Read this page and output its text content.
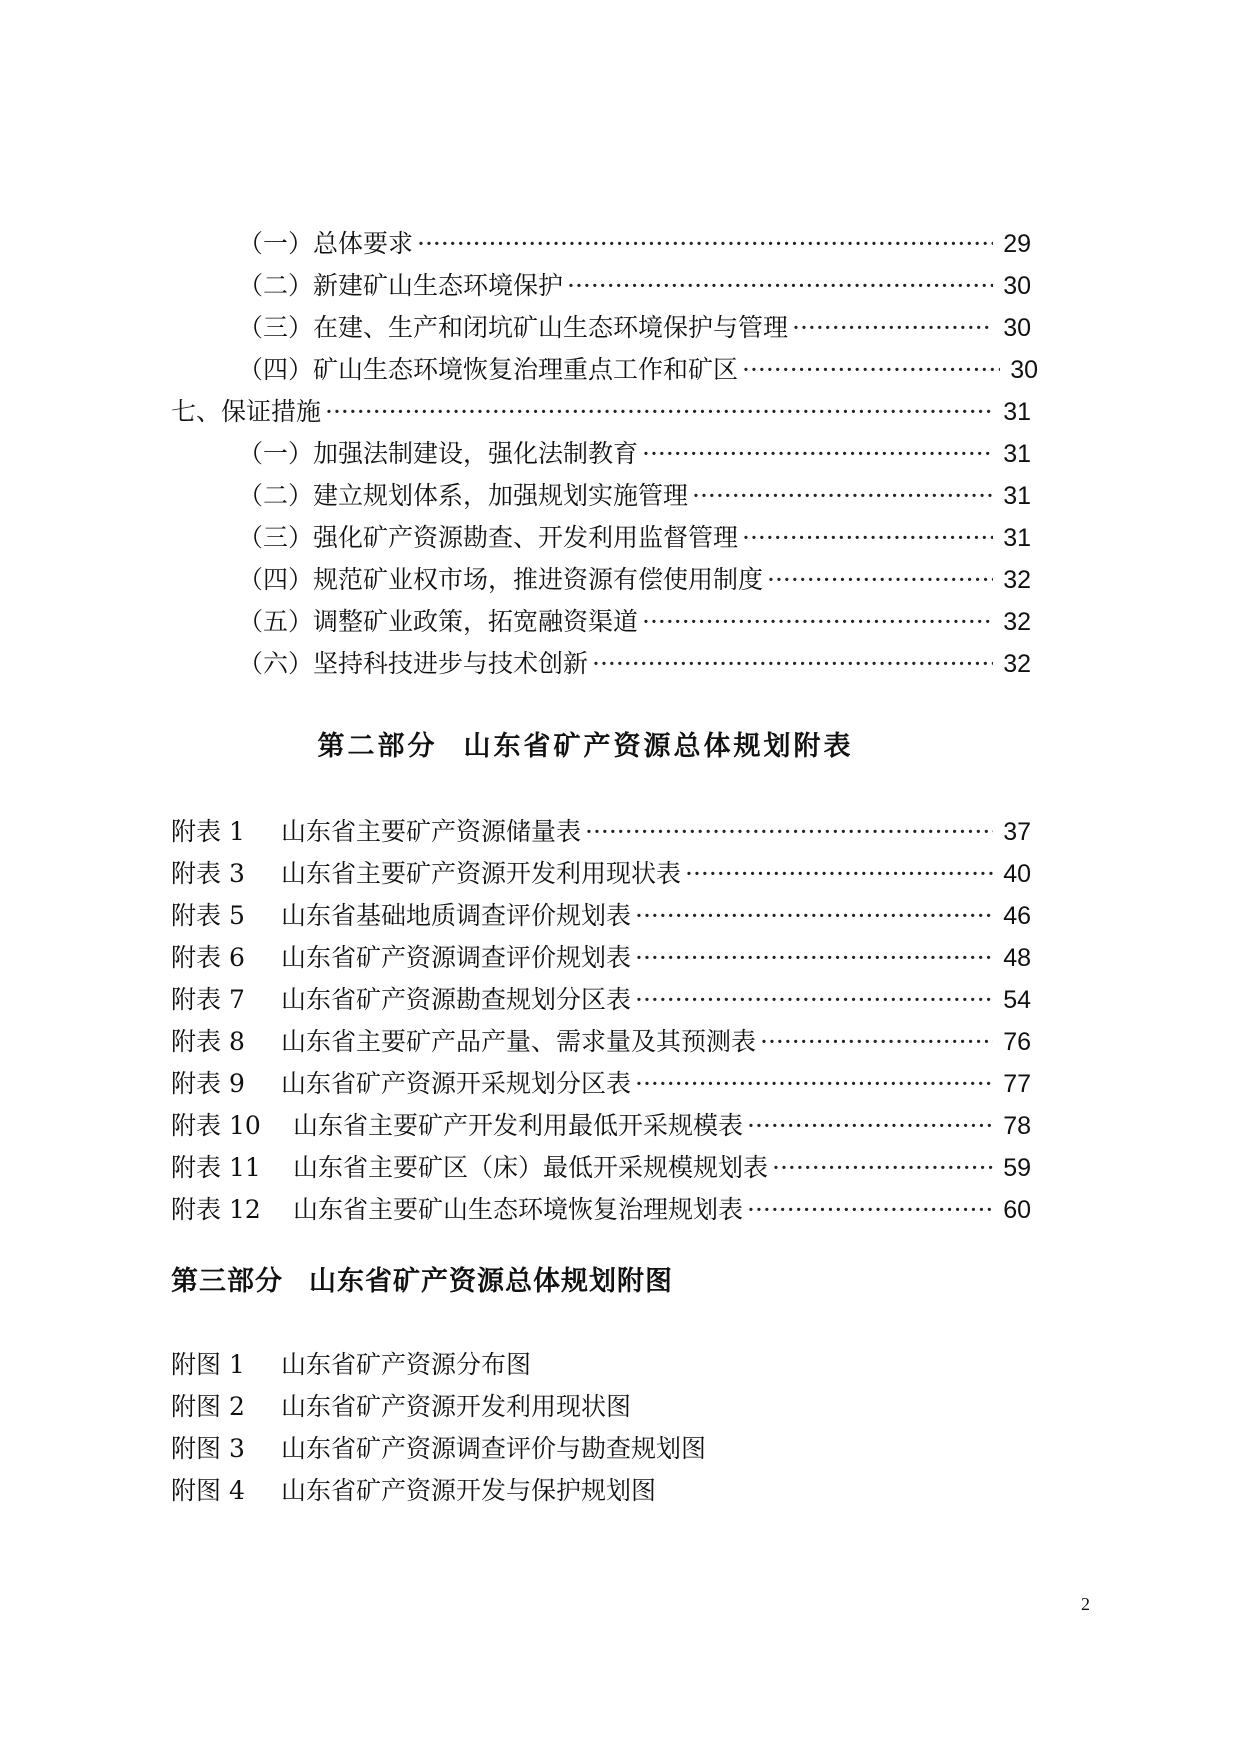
（一）总体要求 ·····	29
（二）新建矿山生态环境保护 ·····	30
（三）在建、生产和闭坑矿山生态环境保护与管理 ·····	30
（四）矿山生态环境恢复治理重点工作和矿区 ·····	30
七、保证措施 ·····	31
（一）加强法制建设，强化法制教育 ·····	31
（二）建立规划体系，加强规划实施管理 ·····	31
（三）强化矿产资源勘查、开发利用监督管理 ·····	31
（四）规范矿业权市场，推进资源有偿使用制度 ·····	32
（五）调整矿业政策，拓宽融资渠道 ·····	32
（六）坚持科技进步与技术创新 ·····	32
第二部分 山东省矿产资源总体规划附表
附表 1 山东省主要矿产资源储量表 ·····	37
附表 3 山东省主要矿产资源开发利用现状表 ·····	40
附表 5 山东省基础地质调查评价规划表 ·····	46
附表 6 山东省矿产资源调查评价规划表 ·····	48
附表 7 山东省矿产资源勘查规划分区表 ·····	54
附表 8 山东省主要矿产品产量、需求量及其预测表 ·····	76
附表 9 山东省矿产资源开采规划分区表 ·····	77
附表 10 山东省主要矿产开发利用最低开采规模表 ·····	78
附表 11 山东省主要矿区（床）最低开采规模规划表 ·····	59
附表 12 山东省主要矿山生态环境恢复治理规划表 ·····	60
第三部分 山东省矿产资源总体规划附图
附图 1 山东省矿产资源分布图
附图 2 山东省矿产资源开发利用现状图
附图 3 山东省矿产资源调查评价与勘查规划图
附图 4 山东省矿产资源开发与保护规划图
2
